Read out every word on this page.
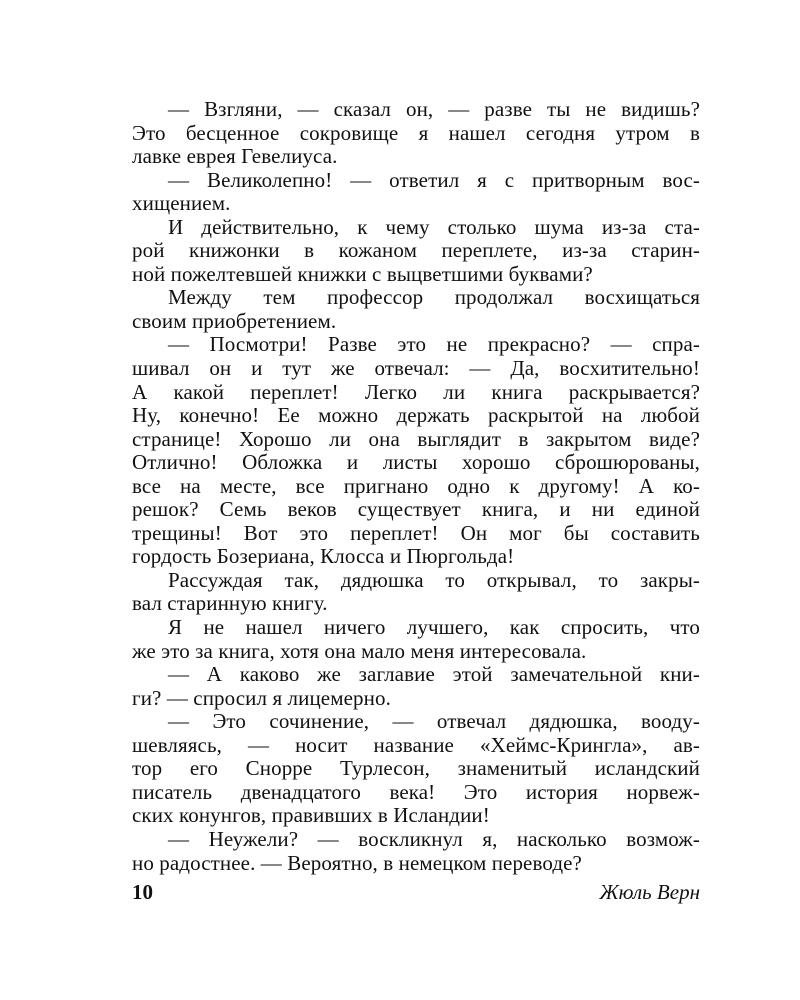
— Взгляни, — сказал он, — разве ты не видишь?
Это бесценное сокровище я нашел сегодня утром в
лавке еврея Гевелиуса.
— Великолепно! — ответил я с притворным вос-
хищением.
И действительно, к чему столько шума из-за ста-
рой книжонки в кожаном переплете, из-за старин-
ной пожелтевшей книжки с выцветшими буквами?
Между тем профессор продолжал восхищаться
своим приобретением.
— Посмотри! Разве это не прекрасно? — спра-
шивал он и тут же отвечал: — Да, восхитительно!
А какой переплет! Легко ли книга раскрывается?
Ну, конечно! Ее можно держать раскрытой на любой
странице! Хорошо ли она выглядит в закрытом виде?
Отлично! Обложка и листы хорошо сброшюрованы,
все на месте, все пригнано одно к другому! А ко-
решок? Семь веков существует книга, и ни единой
трещины! Вот это переплет! Он мог бы составить
гордость Бозериана, Клосса и Пюргольда!
Рассуждая так, дядюшка то открывал, то закры-
вал старинную книгу.
Я не нашел ничего лучшего, как спросить, что
же это за книга, хотя она мало меня интересовала.
— А каково же заглавие этой замечательной кни-
ги? — спросил я лицемерно.
— Это сочинение, — отвечал дядюшка, вооду-
шевляясь, — носит название «Хеймс-Крингла», ав-
тор его Снорре Турлесон, знаменитый исландский
писатель двенадцатого века! Это история норвеж-
ских конунгов, правивших в Исландии!
— Неужели? — воскликнул я, насколько возмож-
но радостнее. — Вероятно, в немецком переводе?
10	Жюль Верн
